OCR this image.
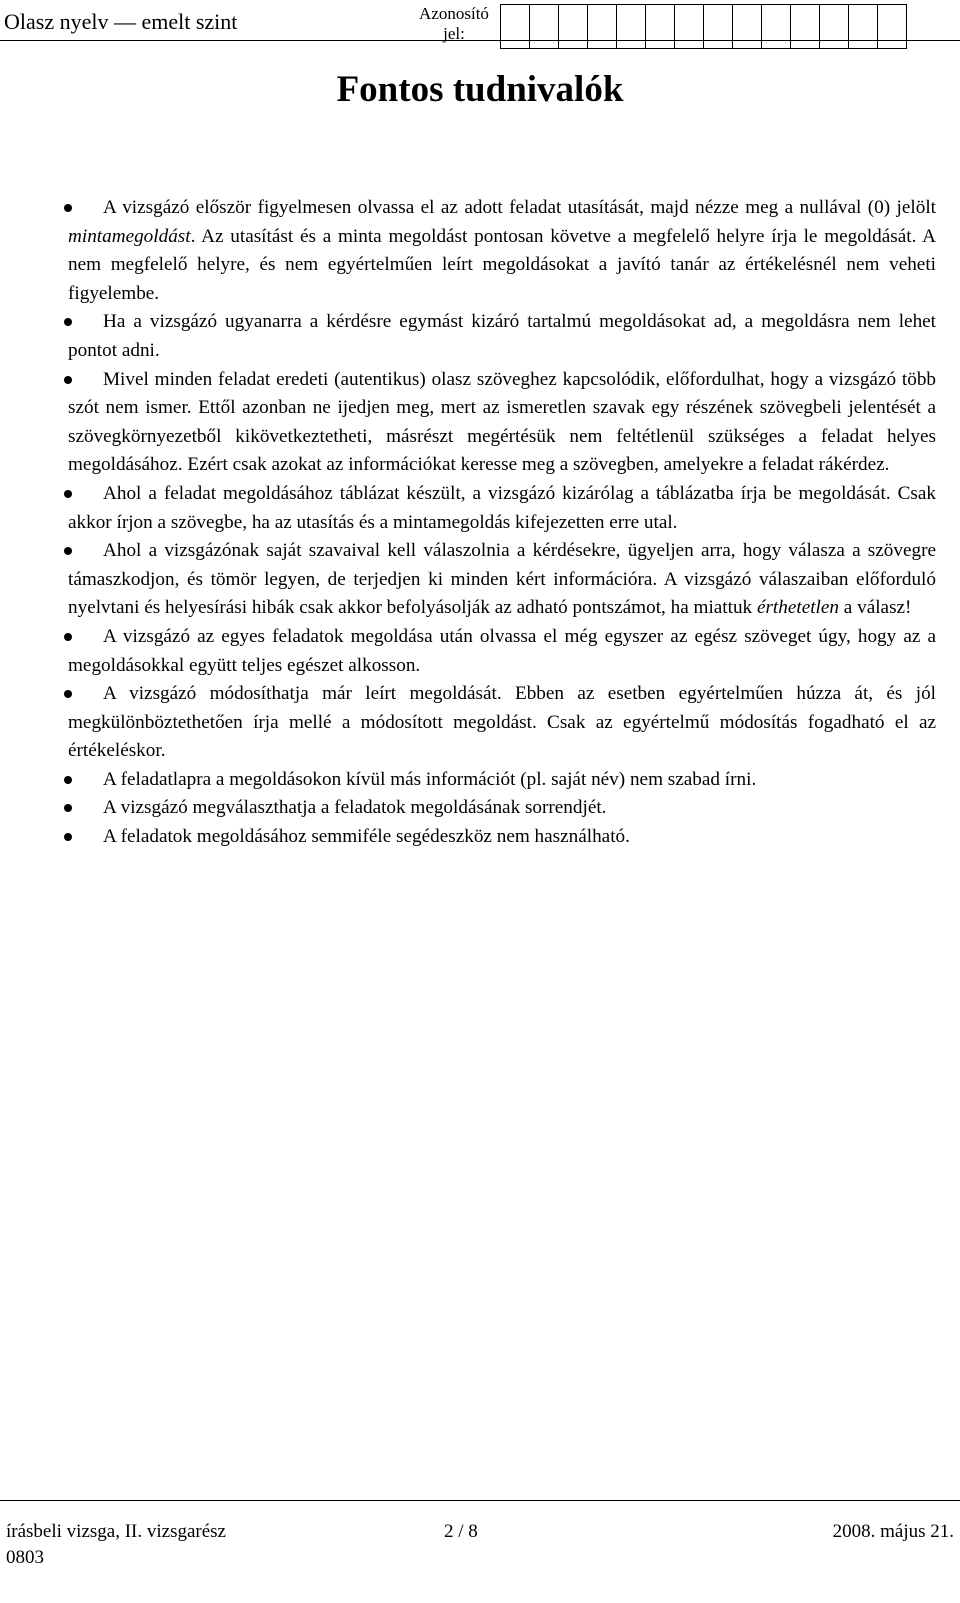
Olasz nyelv — emelt szint	Azonosító jel:
Fontos tudnivalók
A vizsgázó először figyelmesen olvassa el az adott feladat utasítását, majd nézze meg a nullával (0) jelölt mintamegoldást. Az utasítást és a minta megoldást pontosan követve a megfelelő helyre írja le megoldását. A nem megfelelő helyre, és nem egyértelműen leírt megoldásokat a javító tanár az értékelésnél nem veheti figyelembe.
Ha a vizsgázó ugyanarra a kérdésre egymást kizáró tartalmú megoldásokat ad, a megoldásra nem lehet pontot adni.
Mivel minden feladat eredeti (autentikus) olasz szöveghez kapcsolódik, előfordulhat, hogy a vizsgázó több szót nem ismer. Ettől azonban ne ijedjen meg, mert az ismeretlen szavak egy részének szövegbeli jelentését a szövegkörnyezetből kikövetkeztetheti, másrészt megértésük nem feltétlenül szükséges a feladat helyes megoldásához. Ezért csak azokat az információkat keresse meg a szövegben, amelyekre a feladat rákérdez.
Ahol a feladat megoldásához táblázat készült, a vizsgázó kizárólag a táblázatba írja be megoldását. Csak akkor írjon a szövegbe, ha az utasítás és a mintamegoldás kifejezetten erre utal.
Ahol a vizsgázónak saját szavaival kell válaszolnia a kérdésekre, ügyeljen arra, hogy válasza a szövegre támaszkodjon, és tömör legyen, de terjedjen ki minden kért információra. A vizsgázó válaszaiban előforduló nyelvtani és helyesírási hibák csak akkor befolyásolják az adható pontszámot, ha miattuk érthetetlen a válasz!
A vizsgázó az egyes feladatok megoldása után olvassa el még egyszer az egész szöveget úgy, hogy az a megoldásokkal együtt teljes egészet alkosson.
A vizsgázó módosíthatja már leírt megoldását. Ebben az esetben egyértelműen húzza át, és jól megkülönböztethetően írja mellé a módosított megoldást. Csak az egyértelmű módosítás fogadható el az értékeléskor.
A feladatlapra a megoldásokon kívül más információt (pl. saját név) nem szabad írni.
A vizsgázó megválaszthatja a feladatok megoldásának sorrendjét.
A feladatok megoldásához semmiféle segédeszköz nem használható.
írásbeli vizsga, II. vizsgarész
0803
2 / 8	2008. május 21.
